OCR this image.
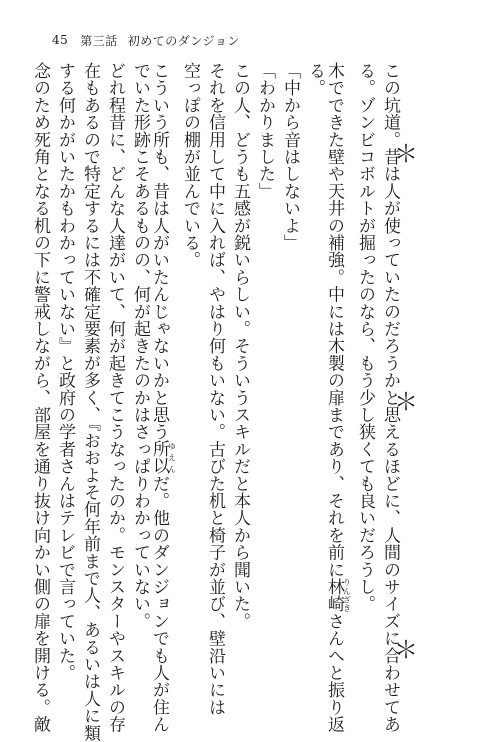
45 第三話 初めてのダンジョン
＊
＊
＊
この坑道。昔は人が使っていたのだろうかと思えるほどに、人間のサイズに合わせてあ
る。ゾンビコボルトが掘ったのなら、もう少し狭くても良いだろうし。
木でできた壁や天井の補強。中には木製の扉まであり、それを前に林崎りんざきさんへと振り返
る。
「中から音はしないよ」
「わかりました」
この人、どうも五感が鋭いらしい。そういうスキルだと本人から聞いた。
それを信用して中に入れば、やはり何もいない。古びた机と椅子が並び、壁沿いには
空っぽの棚が並んでいる。
こういう所も、昔は人がいたんじゃないかと思う所以ゆえんだ。他のダンジョンでも人が住ん
でいた形跡こそあるものの、何が起きたのかはさっぱりわかっていない。
どれ程昔に、どんな人達がいて、何が起きてこうなったのか。モンスターやスキルの存
在もあるので特定するには不確定要素が多く、『おおよそ何年前まで人、あるいは人に類
する何かがいたかもわかっていない』と政府の学者さんはテレビで言っていた。
念のため死角となる机の下に警戒しながら、部屋を通り抜け向かい側の扉を開ける。敵
